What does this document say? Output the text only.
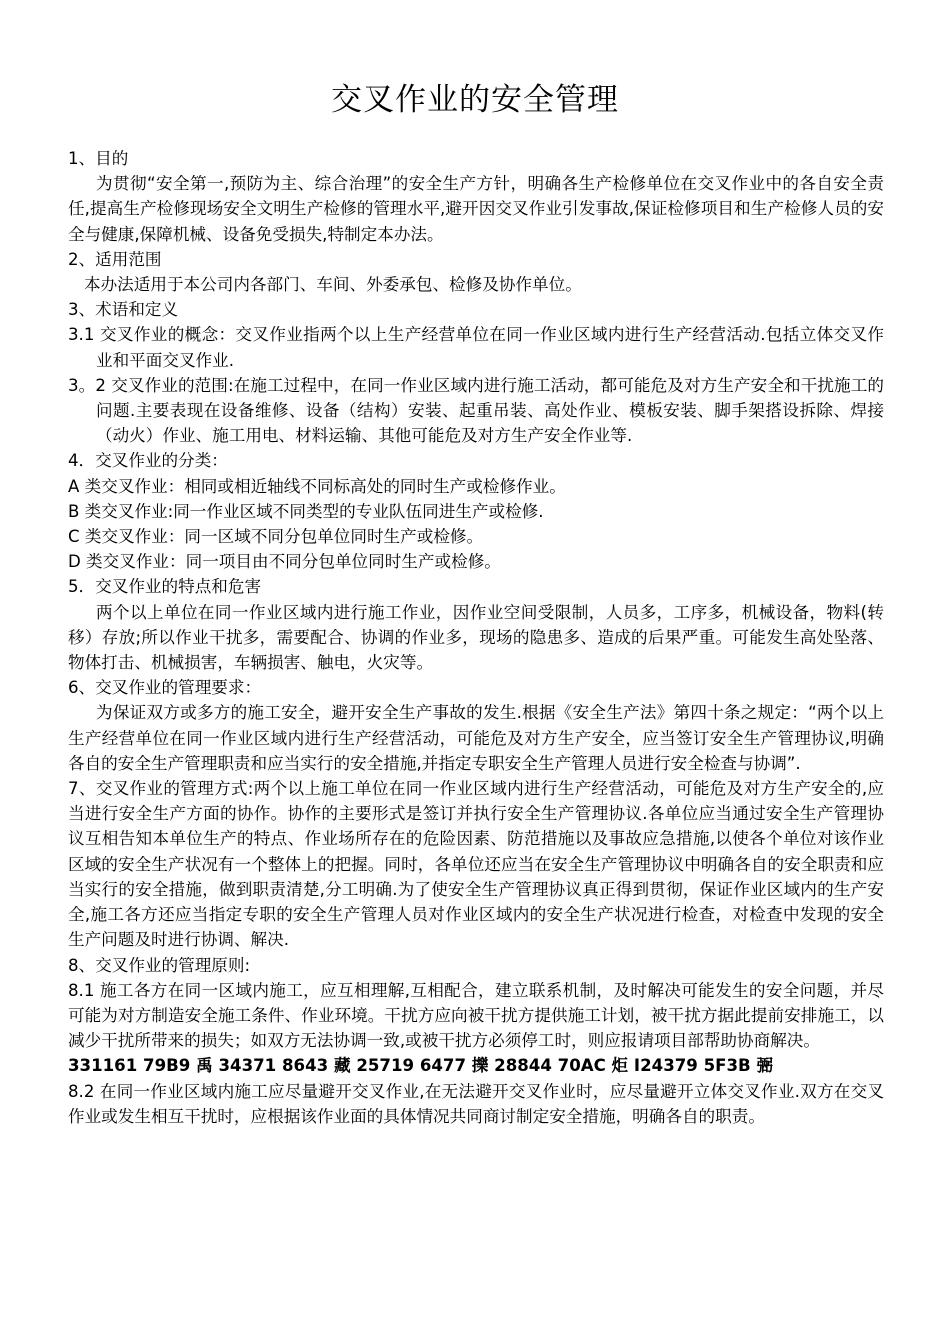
交叉作业的安全管理

1、目的

为贯彻“安全第一,预防为主、综合治理”的安全生产方针，明确各生产检修单位在交叉作业中的各自安全责任,提高生产检修现场安全文明生产检修的管理水平,避开因交叉作业引发事故,保证检修项目和生产检修人员的安全与健康,保障机械、设备免受损失,特制定本办法。

2、适用范围

本办法适用于本公司内各部门、车间、外委承包、检修及协作单位。

3、术语和定义

3.1 交叉作业的概念：交叉作业指两个以上生产经营单位在同一作业区域内进行生产经营活动.包括立体交叉作业和平面交叉作业.

3。2 交叉作业的范围:在施工过程中，在同一作业区域内进行施工活动，都可能危及对方生产安全和干扰施工的问题.主要表现在设备维修、设备（结构）安装、起重吊装、高处作业、模板安装、脚手架搭设拆除、焊接（动火）作业、施工用电、材料运输、其他可能危及对方生产安全作业等.

4．交叉作业的分类：

A 类交叉作业：相同或相近轴线不同标高处的同时生产或检修作业。

B 类交叉作业:同一作业区域不同类型的专业队伍同进生产或检修.

C 类交叉作业：同一区域不同分包单位同时生产或检修。

D 类交叉作业：同一项目由不同分包单位同时生产或检修。

5．交叉作业的特点和危害

两个以上单位在同一作业区域内进行施工作业，因作业空间受限制，人员多，工序多，机械设备，物料(转移）存放;所以作业干扰多，需要配合、协调的作业多，现场的隐患多、造成的后果严重。可能发生高处坠落、物体打击、机械损害，车辆损害、触电，火灾等。

6、交叉作业的管理要求：

为保证双方或多方的施工安全，避开安全生产事故的发生.根据《安全生产法》第四十条之规定：“两个以上生产经营单位在同一作业区域内进行生产经营活动，可能危及对方生产安全，应当签订安全生产管理协议,明确各自的安全生产管理职责和应当实行的安全措施,并指定专职安全生产管理人员进行安全检查与协调”.

7、交叉作业的管理方式:两个以上施工单位在同一作业区域内进行生产经营活动，可能危及对方生产安全的,应当进行安全生产方面的协作。协作的主要形式是签订并执行安全生产管理协议.各单位应当通过安全生产管理协议互相告知本单位生产的特点、作业场所存在的危险因素、防范措施以及事故应急措施,以使各个单位对该作业区域的安全生产状况有一个整体上的把握。同时，各单位还应当在安全生产管理协议中明确各自的安全职责和应当实行的安全措施，做到职责清楚,分工明确.为了使安全生产管理协议真正得到贯彻，保证作业区域内的生产安全,施工各方还应当指定专职的安全生产管理人员对作业区域内的安全生产状况进行检查，对检查中发现的安全生产问题及时进行协调、解决.

8、交叉作业的管理原则:

8.1 施工各方在同一区域内施工，应互相理解,互相配合，建立联系机制，及时解决可能发生的安全问题，并尽可能为对方制造安全施工条件、作业环境。干扰方应向被干扰方提供施工计划，被干扰方据此提前安排施工，以减少干扰所带来的损失；如双方无法协调一致,或被干扰方必须停工时，则应报请项目部帮助协商解决。

331161 79B9 禹 34371 8643 藏 25719 6477 擽 28844 70AC 炬 I24379 5F3B 弻

8.2 在同一作业区域内施工应尽量避开交叉作业,在无法避开交叉作业时，应尽量避开立体交叉作业.双方在交叉作业或发生相互干扰时，应根据该作业面的具体情况共同商讨制定安全措施，明确各自的职责。
